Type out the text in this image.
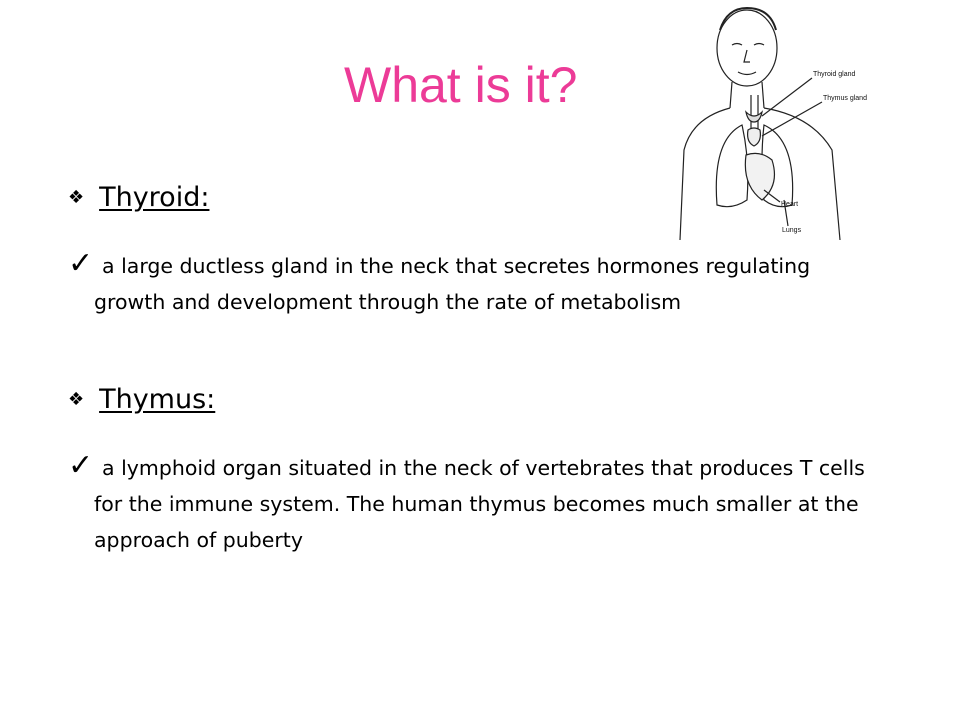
What is it?	Thyroid gland
Thymus gland
Heart
Lungs
❖ Thyroid:
✓ a large ductless gland in the neck that secretes hormones regulating growth and development through the rate of metabolism

❖ Thymus:
✓ a lymphoid organ situated in the neck of vertebrates that produces T cells for the immune system. The human thymus becomes much smaller at the approach of puberty
